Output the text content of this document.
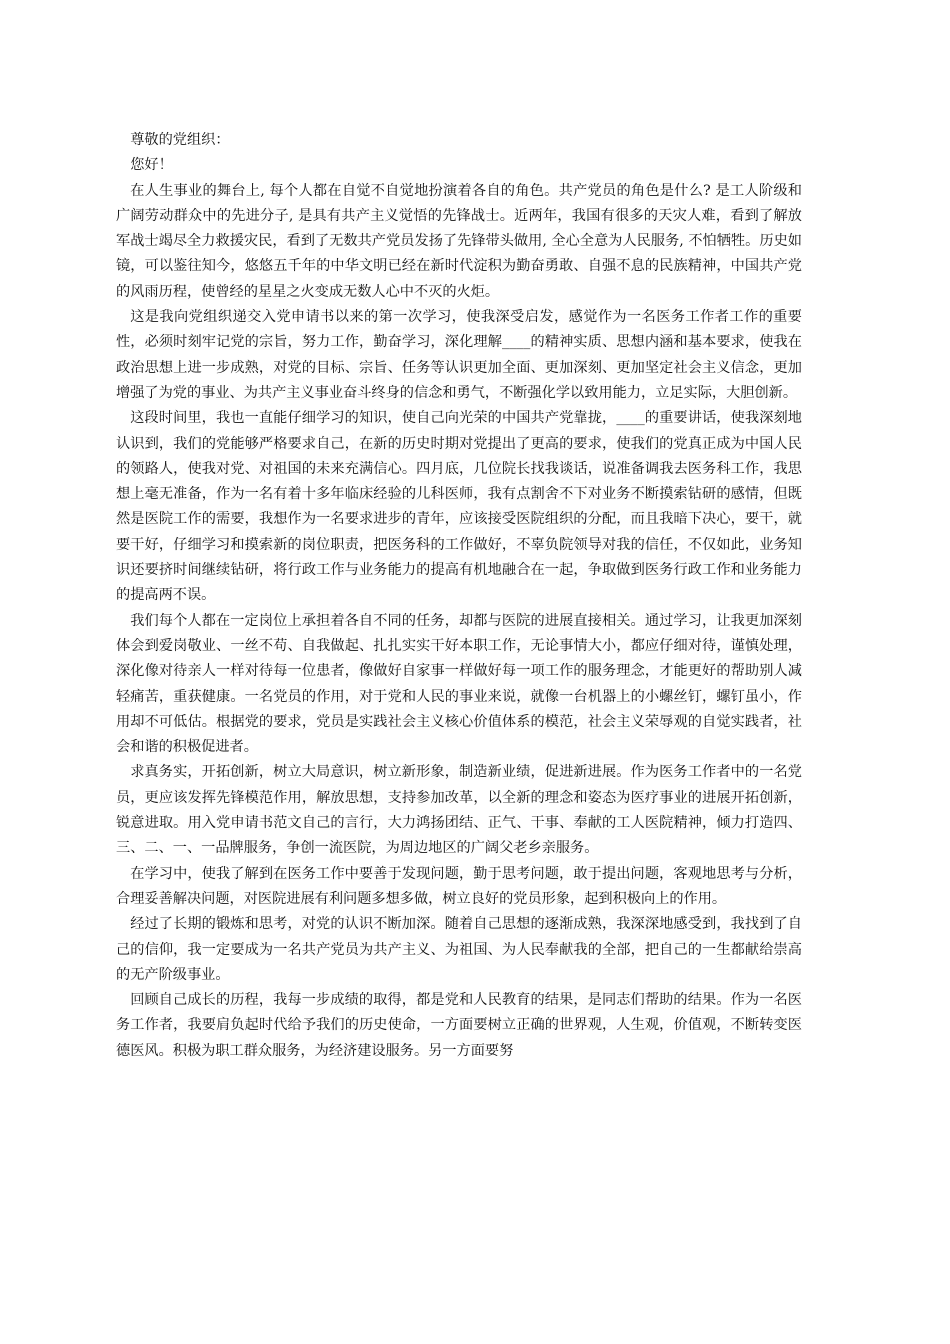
尊敬的党组织：

您好！

在人生事业的舞台上, 每个人都在自觉不自觉地扮演着各自的角色。共产党员的角色是什么? 是工人阶级和广阔劳动群众中的先进分子, 是具有共产主义觉悟的先锋战士。近两年，我国有很多的天灾人难，看到了解放军战士竭尽全力救援灾民，看到了无数共产党员发扬了先锋带头做用, 全心全意为人民服务, 不怕牺牲。历史如镜，可以鉴往知今，悠悠五千年的中华文明已经在新时代淀积为勤奋勇敢、自强不息的民族精神，中国共产党的风雨历程，使曾经的星星之火变成无数人心中不灭的火炬。

这是我向党组织递交入党申请书以来的第一次学习，使我深受启发，感觉作为一名医务工作者工作的重要性，必须时刻牢记党的宗旨，努力工作，勤奋学习，深化理解____的精神实质、思想内涵和基本要求，使我在政治思想上进一步成熟，对党的目标、宗旨、任务等认识更加全面、更加深刻、更加坚定社会主义信念，更加增强了为党的事业、为共产主义事业奋斗终身的信念和勇气，不断强化学以致用能力，立足实际，大胆创新。

这段时间里，我也一直能仔细学习的知识，使自己向光荣的中国共产党靠拢，____的重要讲话，使我深刻地认识到，我们的党能够严格要求自己，在新的历史时期对党提出了更高的要求，使我们的党真正成为中国人民的领路人，使我对党、对祖国的未来充满信心。四月底，几位院长找我谈话，说准备调我去医务科工作，我思想上毫无准备，作为一名有着十多年临床经验的儿科医师，我有点割舍不下对业务不断摸索钻研的感情，但既然是医院工作的需要，我想作为一名要求进步的青年，应该接受医院组织的分配，而且我暗下决心，要干，就要干好，仔细学习和摸索新的岗位职责，把医务科的工作做好，不辜负院领导对我的信任，不仅如此，业务知识还要挤时间继续钻研，将行政工作与业务能力的提高有机地融合在一起，争取做到医务行政工作和业务能力的提高两不误。

我们每个人都在一定岗位上承担着各自不同的任务，却都与医院的进展直接相关。通过学习，让我更加深刻体会到爱岗敬业、一丝不苟、自我做起、扎扎实实干好本职工作，无论事情大小，都应仔细对待，谨慎处理，深化像对待亲人一样对待每一位患者，像做好自家事一样做好每一项工作的服务理念，才能更好的帮助别人减轻痛苦，重获健康。一名党员的作用，对于党和人民的事业来说，就像一台机器上的小螺丝钉，螺钉虽小，作用却不可低估。根据党的要求，党员是实践社会主义核心价值体系的模范，社会主义荣辱观的自觉实践者，社会和谐的积极促进者。

求真务实，开拓创新，树立大局意识，树立新形象，制造新业绩，促进新进展。作为医务工作者中的一名党员，更应该发挥先锋模范作用，解放思想，支持参加改革，以全新的理念和姿态为医疗事业的进展开拓创新，锐意进取。用入党申请书范文自己的言行，大力鸿扬团结、正气、干事、奉献的工人医院精神，倾力打造四、三、二、一、一品牌服务，争创一流医院，为周边地区的广阔父老乡亲服务。

在学习中，使我了解到在医务工作中要善于发现问题，勤于思考问题，敢于提出问题，客观地思考与分析，合理妥善解决问题，对医院进展有利问题多想多做，树立良好的党员形象，起到积极向上的作用。

经过了长期的锻炼和思考，对党的认识不断加深。随着自己思想的逐渐成熟，我深深地感受到，我找到了自己的信仰，我一定要成为一名共产党员为共产主义、为祖国、为人民奉献我的全部，把自己的一生都献给崇高的无产阶级事业。

回顾自己成长的历程，我每一步成绩的取得，都是党和人民教育的结果，是同志们帮助的结果。作为一名医务工作者，我要肩负起时代给予我们的历史使命，一方面要树立正确的世界观，人生观，价值观，不断转变医德医风。积极为职工群众服务，为经济建设服务。另一方面要努
